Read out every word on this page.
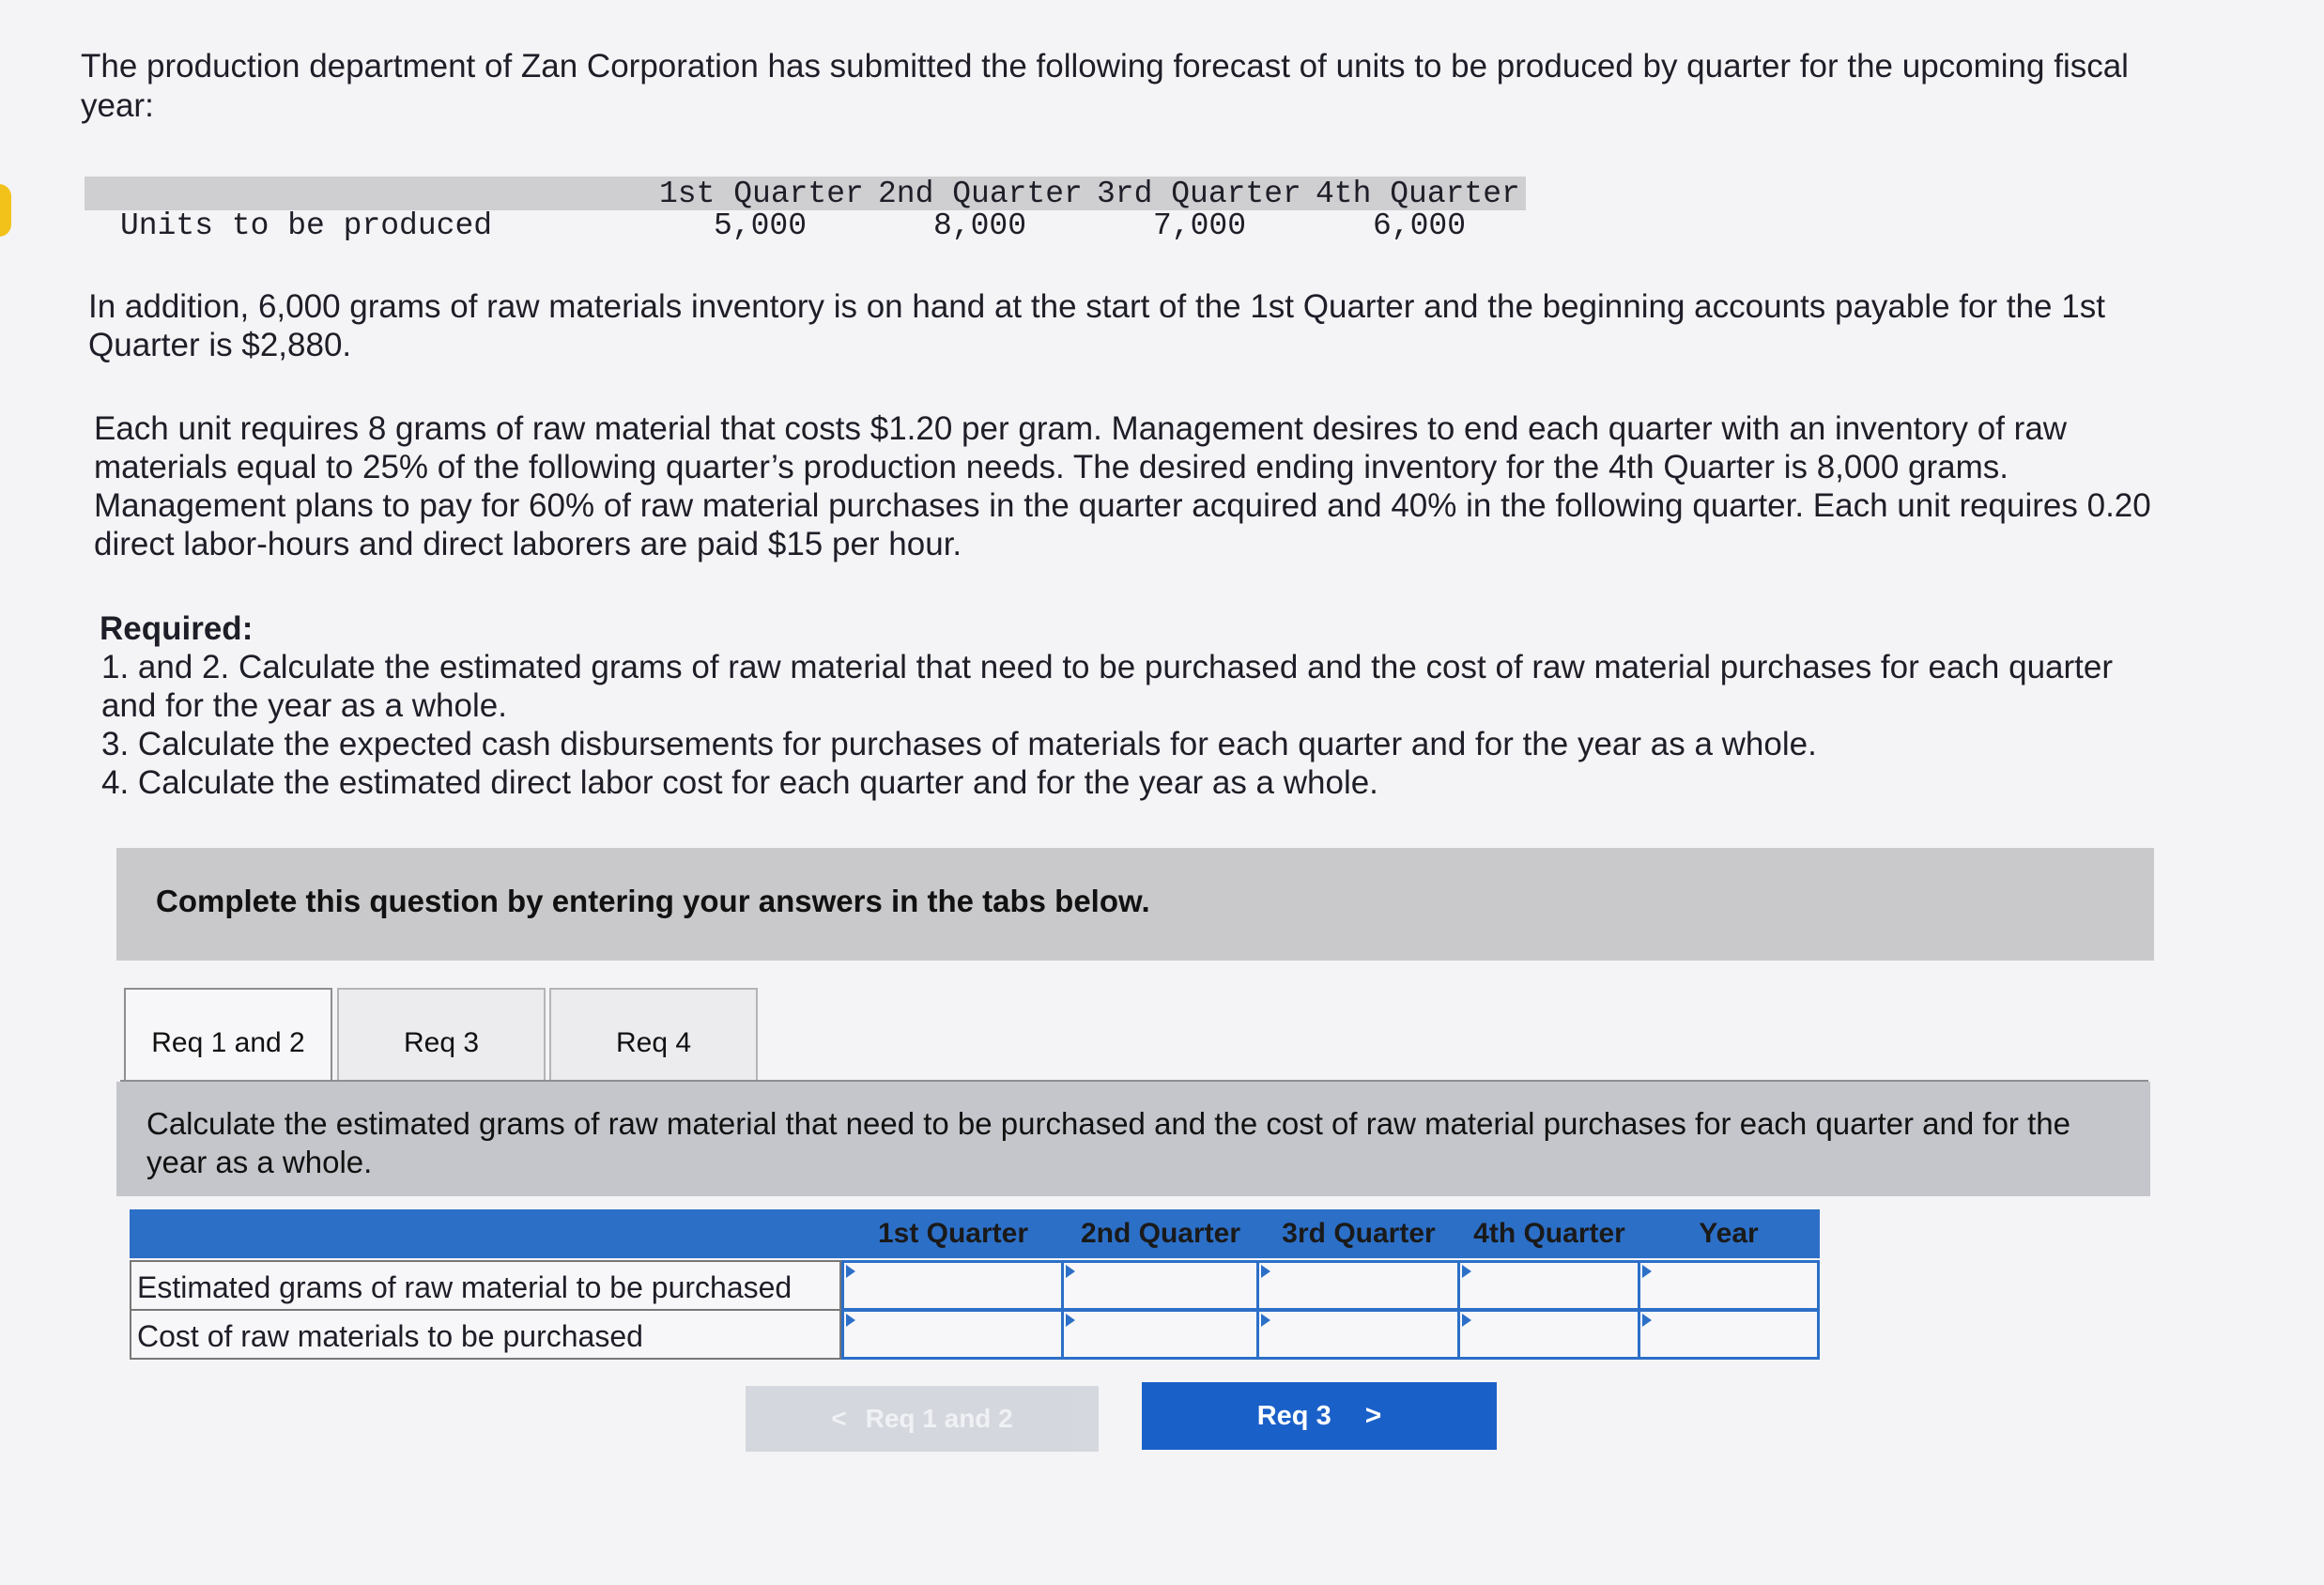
The production department of Zan Corporation has submitted the following forecast of units to be produced by quarter for the upcoming fiscal year:

1st Quarter 2nd Quarter 3rd Quarter 4th Quarter
Units to be produced	5,000	8,000	7,000	6,000

In addition, 6,000 grams of raw materials inventory is on hand at the start of the 1st Quarter and the beginning accounts payable for the 1st Quarter is $2,880.

Each unit requires 8 grams of raw material that costs $1.20 per gram. Management desires to end each quarter with an inventory of raw materials equal to 25% of the following quarter’s production needs. The desired ending inventory for the 4th Quarter is 8,000 grams. Management plans to pay for 60% of raw material purchases in the quarter acquired and 40% in the following quarter. Each unit requires 0.20 direct labor-hours and direct laborers are paid $15 per hour.

Required:
1. and 2. Calculate the estimated grams of raw material that need to be purchased and the cost of raw material purchases for each quarter and for the year as a whole.
3. Calculate the expected cash disbursements for purchases of materials for each quarter and for the year as a whole.
4. Calculate the estimated direct labor cost for each quarter and for the year as a whole.
Complete this question by entering your answers in the tabs below.
Req 1 and 2	Req 3	Req 4

Calculate the estimated grams of raw material that need to be purchased and the cost of raw material purchases for each quarter and for the year as a whole.

1st Quarter	2nd Quarter	3rd Quarter	4th Quarter	Year
Estimated grams of raw material to be purchased
Cost of raw materials to be purchased
< Req 1 and 2	Req 3 >
